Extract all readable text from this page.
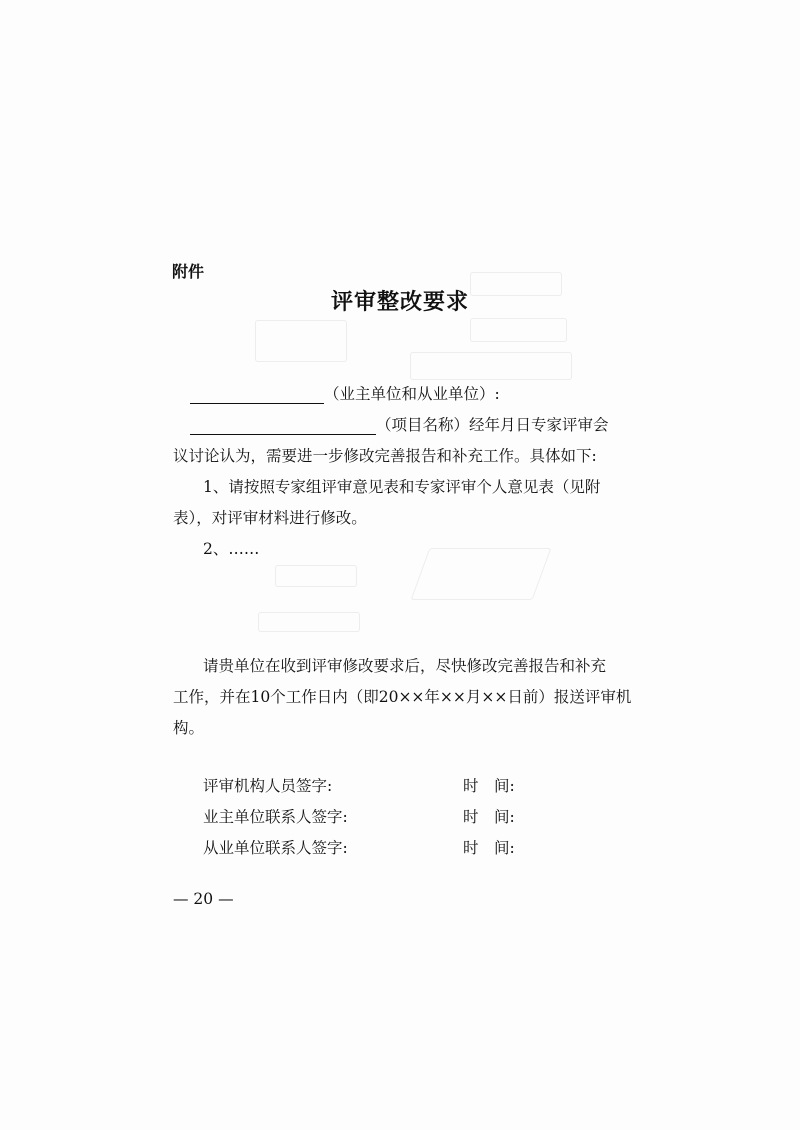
附件
评审整改要求
（业主单位和从业单位）:
（项目名称）经年月日专家评审会
议讨论认为，需要进一步修改完善报告和补充工作。具体如下:
1、请按照专家组评审意见表和专家评审个人意见表（见附
表），对评审材料进行修改。
2、……
请贵单位在收到评审修改要求后，尽快修改完善报告和补充
工作，并在10个工作日内（即20××年××月××日前）报送评审机
构。
评审机构人员签字:	时　间:
业主单位联系人签字:	时　间:
从业单位联系人签字:	时　间:
— 20 —
